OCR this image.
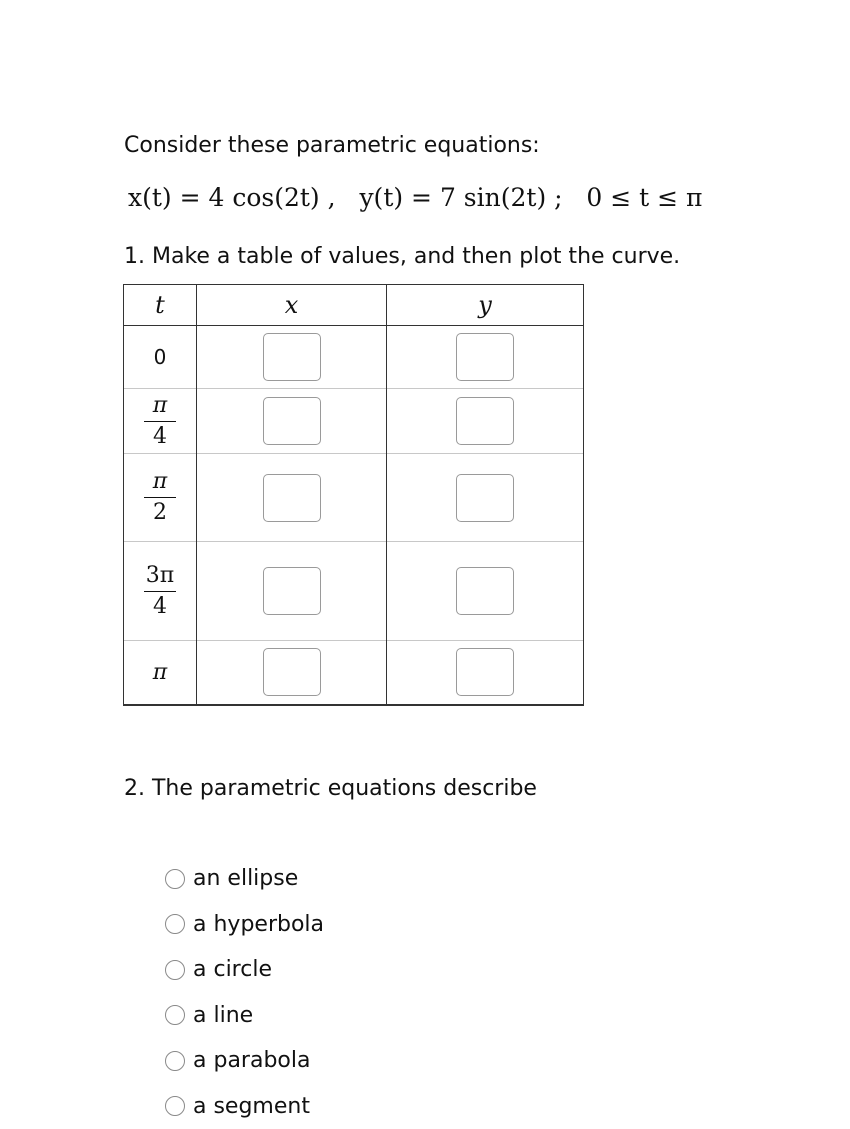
Consider these parametric equations:
x(t) = 4 cos(2t) , y(t) = 7 sin(2t) ; 0 ≤ t ≤ π
1. Make a table of values, and then plot the curve.
t	x	y
0	

$\frac{\pi}{4}$

$\frac{\pi}{2}$

$\frac{3\pi}{4}$

π	

2. The parametric equations describe
an ellipse
a hyperbola
a circle
a line
a parabola
a segment
